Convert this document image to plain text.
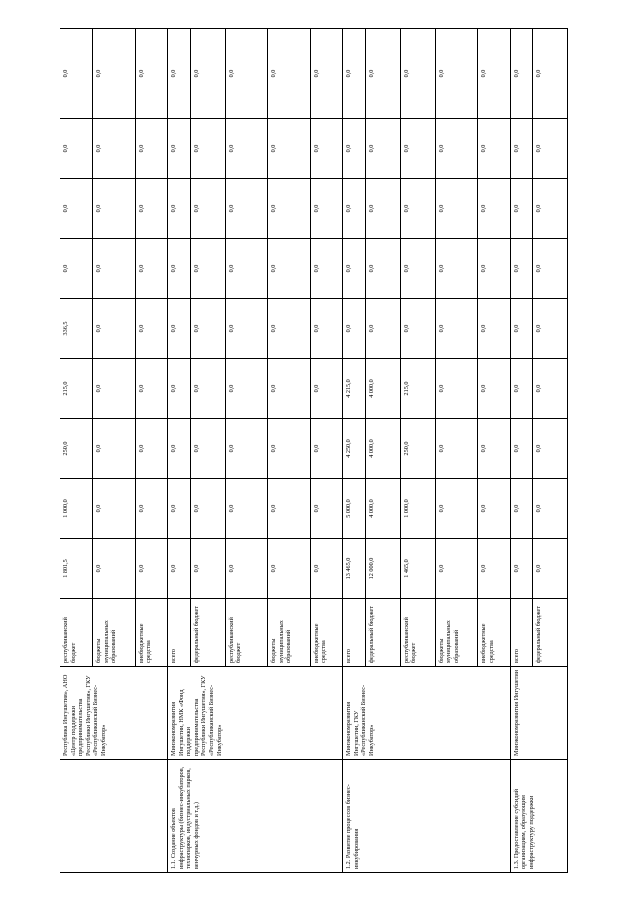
	Республика Ингушетия», АНО «Центр поддержки предпринимательства Республики Ингушетия», ГКУ «Республиканский Бизнес-Инкубатор»	республиканский бюджет	1 801,5	1 000,0	250,0	215,0	336,5	0,0	0,0	0,0	0,0
		бюджеты муниципальных образований	0,0	0,0	0,0	0,0	0,0	0,0	0,0	0,0	0,0
		внебюджетные средства	0,0	0,0	0,0	0,0	0,0	0,0	0,0	0,0	0,0
1.1. Создание объектов инфраструктуры (бизнес-инкубаторов, технопарков, индустриальных парков, венчурных фондов и т.д.)	Минэкономразвития Ингушетии, НМК «Фонд поддержки предпринимательства Республики Ингушетия», ГКУ «Республиканский Бизнес-Инкубатор»	всего	0,0	0,0	0,0	0,0	0,0	0,0	0,0	0,0	0,0
		федеральный бюджет	0,0	0,0	0,0	0,0	0,0	0,0	0,0	0,0	0,0
		республиканский бюджет	0,0	0,0	0,0	0,0	0,0	0,0	0,0	0,0	0,0
		бюджеты муниципальных образований	0,0	0,0	0,0	0,0	0,0	0,0	0,0	0,0	0,0
		внебюджетные средства	0,0	0,0	0,0	0,0	0,0	0,0	0,0	0,0	0,0
1.2. Развитие процессов бизнес-инкубирования	Минэкономразвития Ингушетии, ГКУ «Республиканский Бизнес-Инкубатор»	всего	13 465,0	5 000,0	4 250,0	4 215,0	0,0	0,0	0,0	0,0	0,0
		федеральный бюджет	12 000,0	4 000,0	4 000,0	4 000,0	0,0	0,0	0,0	0,0	0,0
		республиканский бюджет	1 465,0	1 000,0	250,0	215,0	0,0	0,0	0,0	0,0	0,0
		бюджеты муниципальных образований	0,0	0,0	0,0	0,0	0,0	0,0	0,0	0,0	0,0
		внебюджетные средства	0,0	0,0	0,0	0,0	0,0	0,0	0,0	0,0	0,0
1.3. Предоставление субсидий организациям, образующим инфраструктуру поддержки	Минэкономразвития Ингушетии	всего	0,0	0,0	0,0	0,0	0,0	0,0	0,0	0,0	0,0
		федеральный бюджет	0,0	0,0	0,0	0,0	0,0	0,0	0,0	0,0	0,0
